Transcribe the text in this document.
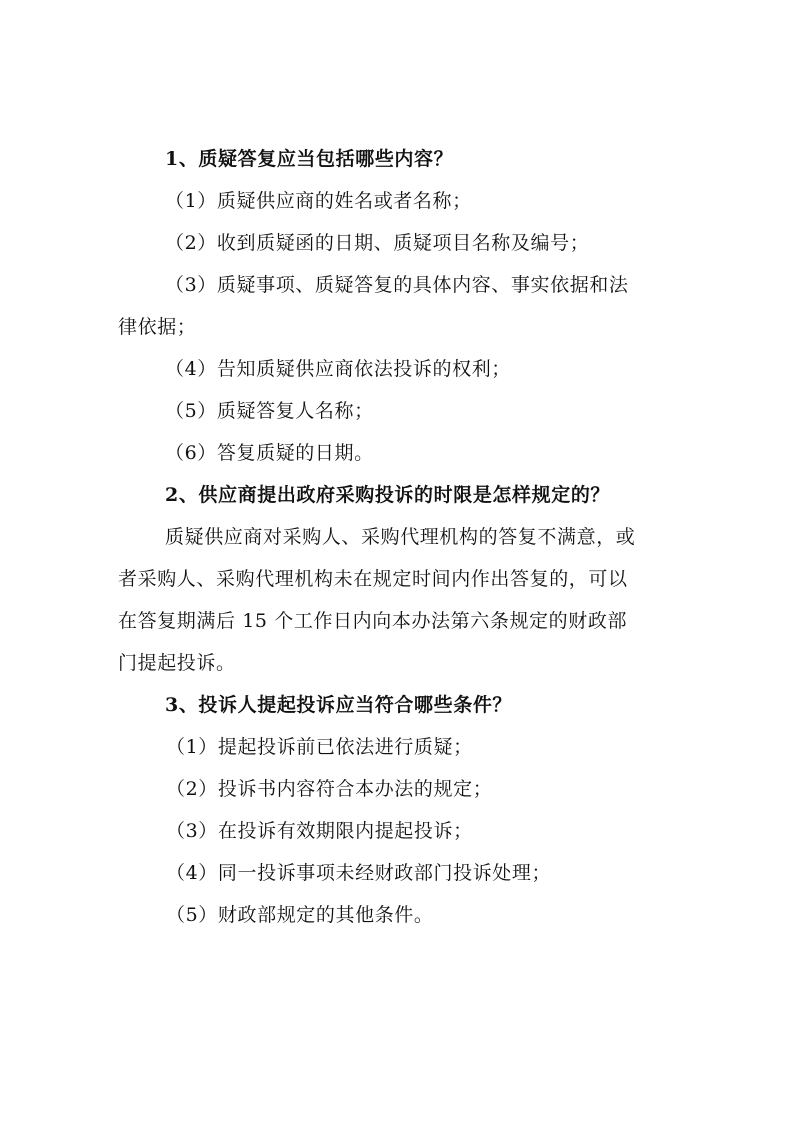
1、质疑答复应当包括哪些内容？

（1）质疑供应商的姓名或者名称；

（2）收到质疑函的日期、质疑项目名称及编号；

（3）质疑事项、质疑答复的具体内容、事实依据和法

律依据；

（4）告知质疑供应商依法投诉的权利；

（5）质疑答复人名称；

（6）答复质疑的日期。

2、供应商提出政府采购投诉的时限是怎样规定的？

质疑供应商对采购人、采购代理机构的答复不满意，或

者采购人、采购代理机构未在规定时间内作出答复的，可以

在答复期满后 15 个工作日内向本办法第六条规定的财政部

门提起投诉。

3、投诉人提起投诉应当符合哪些条件？

（1）提起投诉前已依法进行质疑；

（2）投诉书内容符合本办法的规定；

（3）在投诉有效期限内提起投诉；

（4）同一投诉事项未经财政部门投诉处理；

（5）财政部规定的其他条件。
